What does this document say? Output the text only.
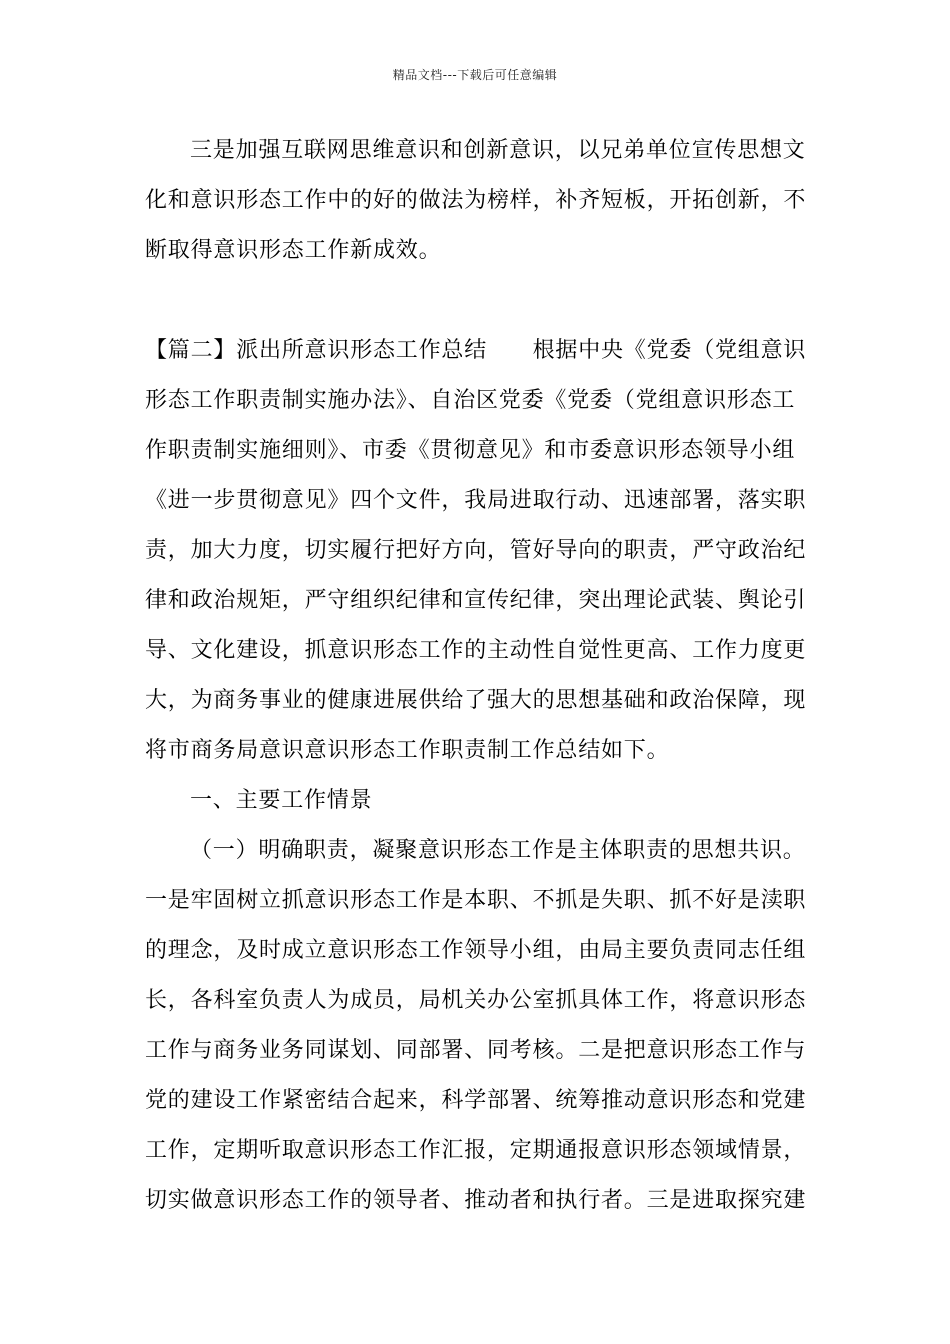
精品文档---下载后可任意编辑
三是加强互联网思维意识和创新意识，以兄弟单位宣传思想文
化和意识形态工作中的好的做法为榜样，补齐短板，开拓创新，不
断取得意识形态工作新成效。
【篇二】派出所意识形态工作总结　　根据中央《党委（党组意识
形态工作职责制实施办法》、自治区党委《党委（党组意识形态工
作职责制实施细则》、市委《贯彻意见》和市委意识形态领导小组
《进一步贯彻意见》四个文件，我局进取行动、迅速部署，落实职
责，加大力度，切实履行把好方向，管好导向的职责，严守政治纪
律和政治规矩，严守组织纪律和宣传纪律，突出理论武装、舆论引
导、文化建设，抓意识形态工作的主动性自觉性更高、工作力度更
大，为商务事业的健康进展供给了强大的思想基础和政治保障，现
将市商务局意识意识形态工作职责制工作总结如下。
一、主要工作情景
（一）明确职责，凝聚意识形态工作是主体职责的思想共识。
一是牢固树立抓意识形态工作是本职、不抓是失职、抓不好是渎职
的理念，及时成立意识形态工作领导小组，由局主要负责同志任组
长，各科室负责人为成员，局机关办公室抓具体工作，将意识形态
工作与商务业务同谋划、同部署、同考核。二是把意识形态工作与
党的建设工作紧密结合起来，科学部署、统筹推动意识形态和党建
工作，定期听取意识形态工作汇报，定期通报意识形态领域情景，
切实做意识形态工作的领导者、推动者和执行者。三是进取探究建
